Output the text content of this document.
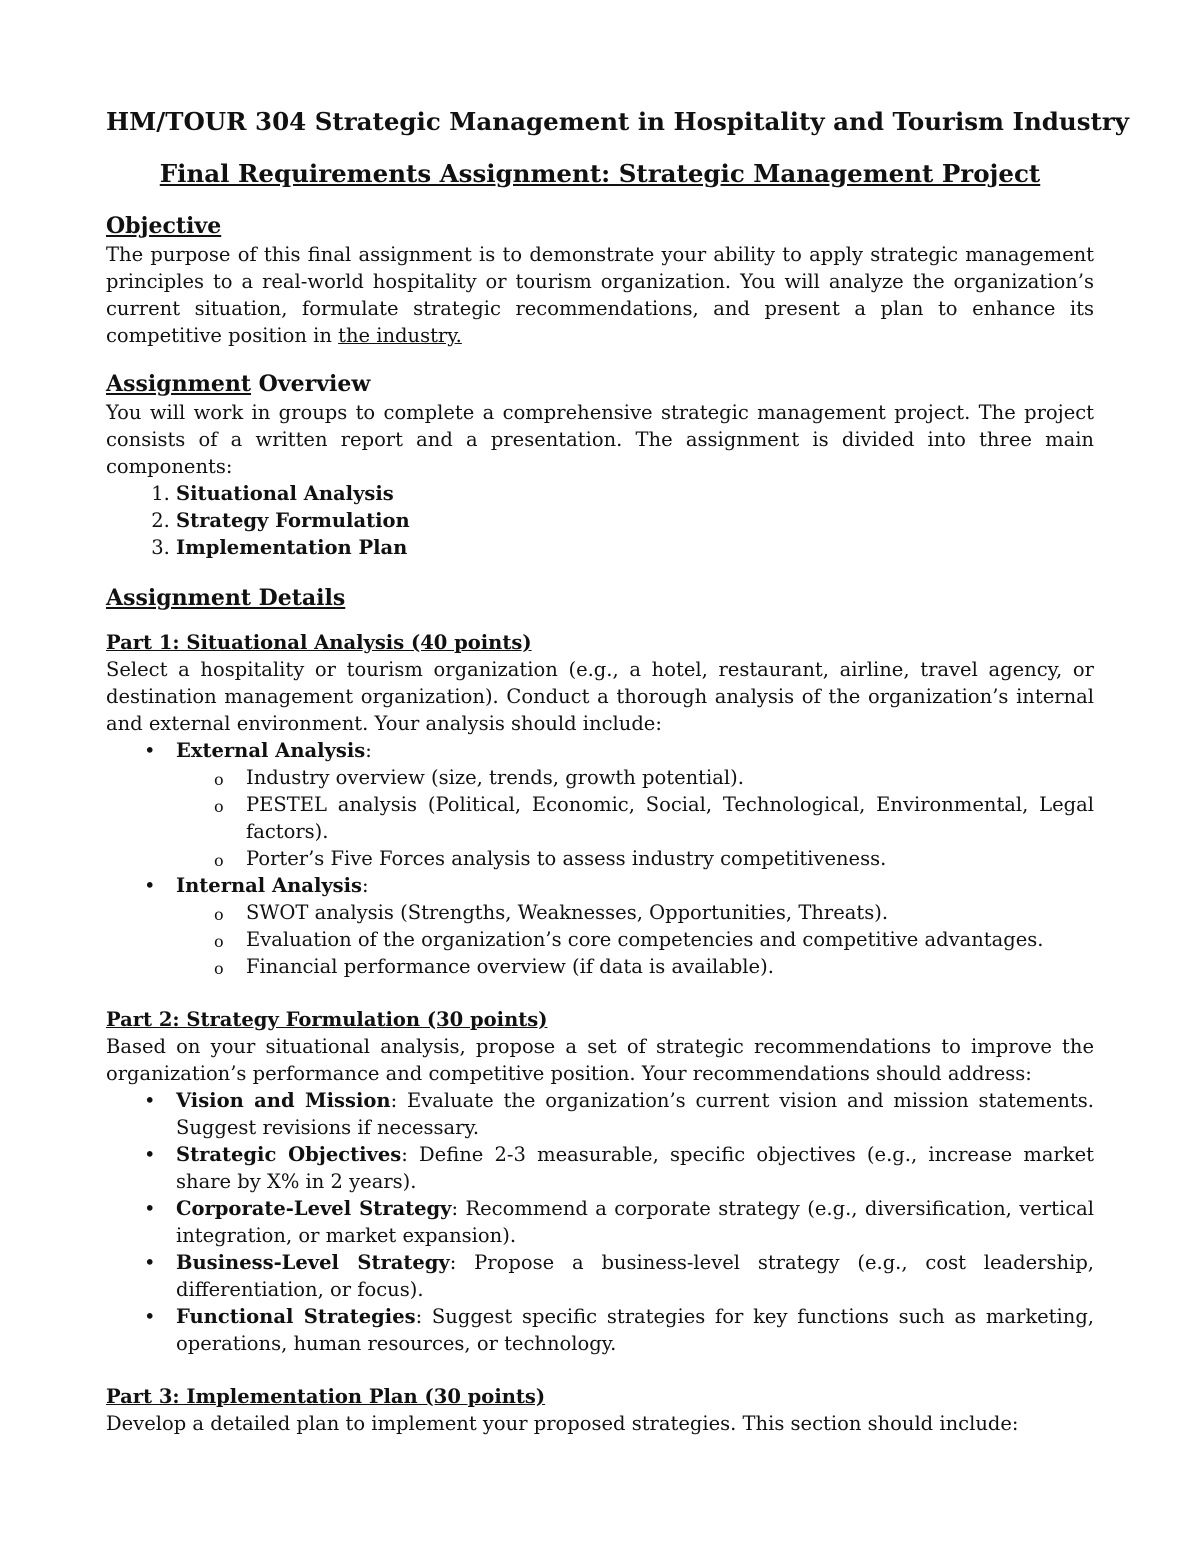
HM/TOUR 304 Strategic Management in Hospitality and Tourism Industry
Final Requirements Assignment: Strategic Management Project
Objective

The purpose of this final assignment is to demonstrate your ability to apply strategic management principles to a real-world hospitality or tourism organization. You will analyze the organization’s current situation, formulate strategic recommendations, and present a plan to enhance its competitive position in the industry.

Assignment Overview

You will work in groups to complete a comprehensive strategic management project. The project consists of a written report and a presentation. The assignment is divided into three main components:

1. Situational Analysis
2. Strategy Formulation
3. Implementation Plan
Assignment Details
Part 1: Situational Analysis (40 points)

Select a hospitality or tourism organization (e.g., a hotel, restaurant, airline, travel agency, or destination management organization). Conduct a thorough analysis of the organization’s internal and external environment. Your analysis should include:

• External Analysis:
o Industry overview (size, trends, growth potential).
o PESTEL analysis (Political, Economic, Social, Technological, Environmental, Legal factors).
o Porter’s Five Forces analysis to assess industry competitiveness.
• Internal Analysis:
o SWOT analysis (Strengths, Weaknesses, Opportunities, Threats).
o Evaluation of the organization’s core competencies and competitive advantages.
o Financial performance overview (if data is available).
Part 2: Strategy Formulation (30 points)

Based on your situational analysis, propose a set of strategic recommendations to improve the organization’s performance and competitive position. Your recommendations should address:

• Vision and Mission: Evaluate the organization’s current vision and mission statements. Suggest revisions if necessary.
• Strategic Objectives: Define 2-3 measurable, specific objectives (e.g., increase market share by X% in 2 years).
• Corporate-Level Strategy: Recommend a corporate strategy (e.g., diversification, vertical integration, or market expansion).
• Business-Level Strategy: Propose a business-level strategy (e.g., cost leadership, differentiation, or focus).
• Functional Strategies: Suggest specific strategies for key functions such as marketing, operations, human resources, or technology.
Part 3: Implementation Plan (30 points)

Develop a detailed plan to implement your proposed strategies. This section should include:
